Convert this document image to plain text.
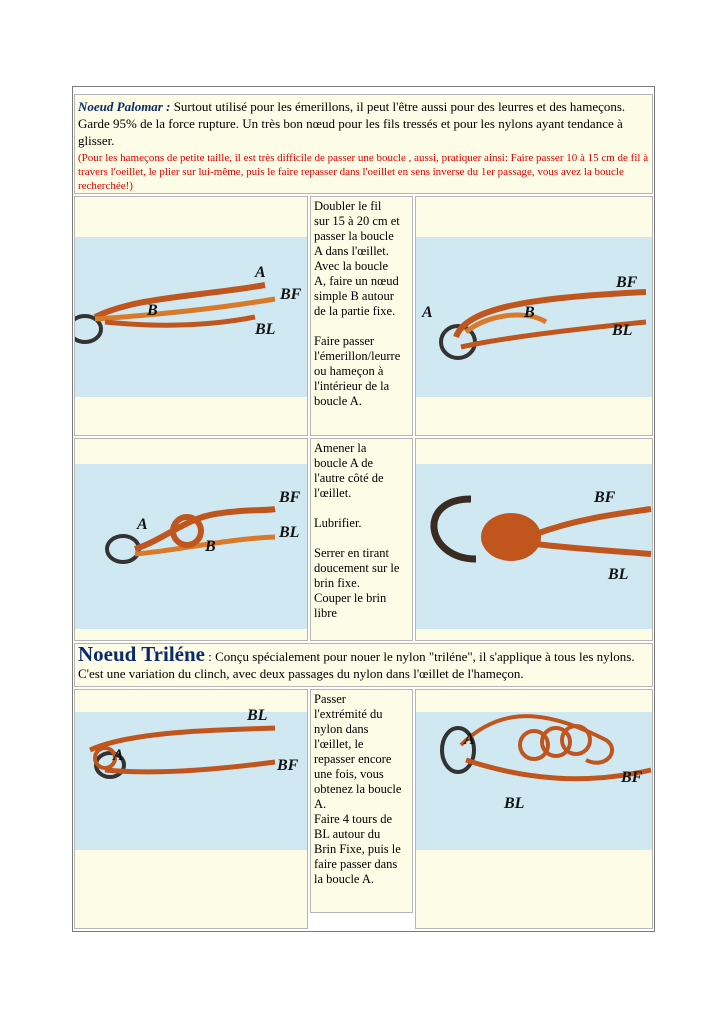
Noeud Palomar : Surtout utilisé pour les émerillons, il peut l'être aussi pour des leurres et des hameçons. Garde 95% de la force rupture. Un très bon nœud pour les fils tressés et pour les nylons ayant tendance à glisser.
(Pour les hameçons de petite taille, il est très difficile de passer une boucle , aussi, pratiquer ainsi: Faire passer 10 à 15 cm de fil à travers l'oeillet, le plier sur lui-même, puis le faire repasser dans l'oeillet en sens inverse du 1er passage, vous avez la boucle recherchée!)
B
A
BF
BL
Doubler le fil
sur 15 à 20 cm et
passer la boucle
A dans l'œillet.
Avec la boucle
A, faire un nœud
simple B autour
de la partie fixe.
Faire passer
l'émerillon/leurre
ou hameçon à
l'intérieur de la
boucle A.
A	B
BF
BL
A
B
BF
BL
Amener la
boucle A de
l'autre côté de
l'œillet.
Lubrifier.
Serrer en tirant
doucement sur le
brin fixe.
Couper le brin
libre
BF
BL
Noeud Triléne : Conçu spécialement pour nouer le nylon "triléne", il s'applique à tous les nylons. C'est une variation du clinch, avec deux passages du nylon dans l'œillet de l'hameçon.
A
BL
BF
Passer
l'extrémité du
nylon dans
l'œillet, le
repasser encore
une fois, vous
obtenez la boucle
A.
Faire 4 tours de
BL autour du
Brin Fixe, puis le
faire passer dans
la boucle A.
A
BF
BL
